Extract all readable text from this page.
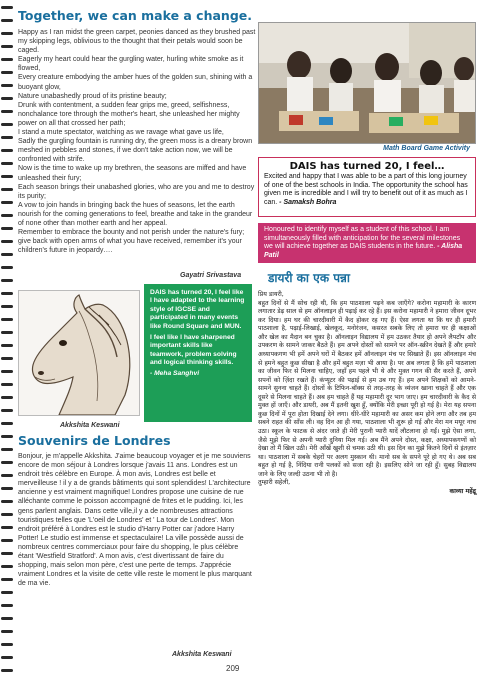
Together, we can make a change.

Happy as I ran midst the green carpet, peonies danced as they brushed past my skipping legs, oblivious to the thought that their petals would soon be caged.

Eagerly my heart could hear the gurgling water, hurling white smoke as it flowed,

Every creature embodying the amber hues of the golden sun, shining with a buoyant glow,

Nature unabashedly proud of its pristine beauty;

Drunk with contentment, a sudden fear grips me, greed, selfishness, nonchalance tore through the mother's heart, she unleashed her mighty power on all that crossed her path;

I stand a mute spectator, watching as we ravage what gave us life,

Sadly the gurgling fountain is running dry, the green moss is a dreary brown meshed in pebbles and stones, if we don't take action now, we will be confronted with strife.

Now is the time to wake up my brethren, the seasons are miffed and have unleashed their fury;

Each season brings their unabashed glories, who are you and me to destroy its purity;

A vow to join hands in bringing back the hues of seasons, let the earth nourish for the coming generations to feel, breathe and take in the grandeur of none other than mother earth and her appeal.

Remember to embrace the bounty and not perish under the nature's fury; give back with open arms of what you have received, remember it's your children's future in jeopardy….

Gayatri Srivastava
Math Board Game Activity
DAIS has turned 20, I feel…
Excited and happy that I was able to be a part of this long journey of one of the best schools in India. The opportunity the school has given me is incredible and I will try to benefit out of it as much as I can. - Samaksh Bohra
Honoured to identify myself as a student of this school. I am simultaneously filled with anticipation for the several milestones we will achieve together as DAIS students in the future. - Alisha Patil
डायरी का एक पन्ना
प्रिय डायरी,
बहुत दिनों से मैं सोच रही थी, कि हम पाठशाला पढ़ने कब जाएँगे? करोना महामारी के कारण लगातार डेढ़ साल से हम ऑनलाइन ही पढ़ाई कर रहे हैं। इस करोना महामारी ने हमारा जीवन दूभर कर दिया। हम घर की चारदीवारी में कैद होकर रह गए हैं। ऐसा लगता था कि घर ही हमारी पाठशाला है, पढ़ाई-लिखाई, खेलकूद, मनोरंजन, कसरत सबके लिए तो हमारा घर ही कक्षाओं और खेल का मैदान बन चुका है। ऑनलाइन विद्यालय में हम उठकर तैयार हो अपने लैपटॉप और उपकरण के सामने जाकर बैठते हैं। हम अपने दोस्तों को सामने पर ऑन-स्क्रीन देखते हैं और हमारे अध्यापकगण भी हमें अपने घरों में बैठकर हमें ऑनलाइन मंच पर सिखाते हैं। इस ऑनलाइन मंच से हमने बहुत कुछ सीखा है और हमें बहुत मज़ा भी आया है। पर अब लगता है कि हमें पाठशाला का जीवन फिर से मिलना चाहिए, जहाँ हम पहले भी थे और मुक्त गगन की सैर करते हैं, अपने सपनों को ज़िंदा रखते हैं। कंप्यूटर की पढ़ाई से हम उब गए हैं। हम अपने शिक्षकों को आमने-सामने सुनना चाहते हैं। दोस्तों के टिफिन-बॉक्स से तरह-तरह के व्यंजन खाना चाहते हैं और एक दूसरे से मिलना चाहते हैं। अब हम चाहते हैं यह महामारी दूर भाग जाए। हम चारदीवारी के कैद से मुक्त हों जाएँ। और डायरी, अब मैं इतनी खुश हूँ, क्योंकि मेरी इच्छा पूरी हो गई है। मेरा यह सपना कुछ दिनों में पूरा होता दिखाई देने लगा। धीरे-धीरे महामारी का असर कम होने लगा और तब हम सबने राहत की साँस ली। वह दिन आ ही गया, पाठशाला भी शुरू हो गई और मेरा मन मयूर नाच उठा। स्कूल के फाटक से अंदर जाते ही मेरी पुरानी प्यारी यादें लौटलाना हो गईं। मुझे ऐसा लगा, जैसे मुझे फिर से अपनी प्यारी दुनिया मिल गई। अब मैंने अपने दोस्त, कक्षा, अध्यापकगणों को देखा तो मैं खिल उठी। मेरी आँखें खुशी से चमक उठी थी। इस दिन का मुझे कितने दिनों से इंतज़ार था। पाठशाला में सबके चेहरों पर अलग मुस्कान थी। मानो सब के सपने पूरे हो गए थे। अब सब बहुत हो गई है, निंदिया रानी पलकों को सजा रही है। इसलिए सोने जा रही हूँ। सुबह विद्यालय जाने के लिए जल्दी उठना भी तो है।
तुम्हारी सहेली,
काव्या महेंद्रू
Akkshita Keswani

DAIS has turned 20, I feel like I have adapted to the learning style of IGCSE and participated in many events like Round Square and MUN.

I feel like I have sharpened important skills like teamwork, problem solving and logical thinking skills.

- Meha Sanghvi

Souvenirs de Londres
Bonjour, je m'appelle Akkshita. J'aime beaucoup voyager et je me souviens encore de mon séjour à Londres lorsque j'avais 11 ans. Londres est un endroit très célèbre en Europe. À mon avis, Londres est belle et merveilleuse ! il y a de grands bâtiments qui sont splendides! L'architecture ancienne y est vraiment magnifique! Londres propose une cuisine de rue alléchante comme le poisson accompagné de frites et le pudding. Ici, les gens parlent anglais. Dans cette ville,il y a de nombreuses attractions touristiques telles que 'L'oeil de Londres' et ' La tour de Londres'. Mon endroit préféré à Londres est le studio d'Harry Potter car j'adore Harry Potter! Le studio est immense et spectaculaire! La ville possède aussi de nombreux centres commerciaux pour faire du shopping, le plus célèbre étant 'Westfield Stratford'. A mon avis, c'est divertissant de faire du shopping, mais selon mon père, c'est une perte de temps. J'apprécie vraiment Londres et la visite de cette ville reste le moment le plus marquant de ma vie.
Akkshita Keswani
209
